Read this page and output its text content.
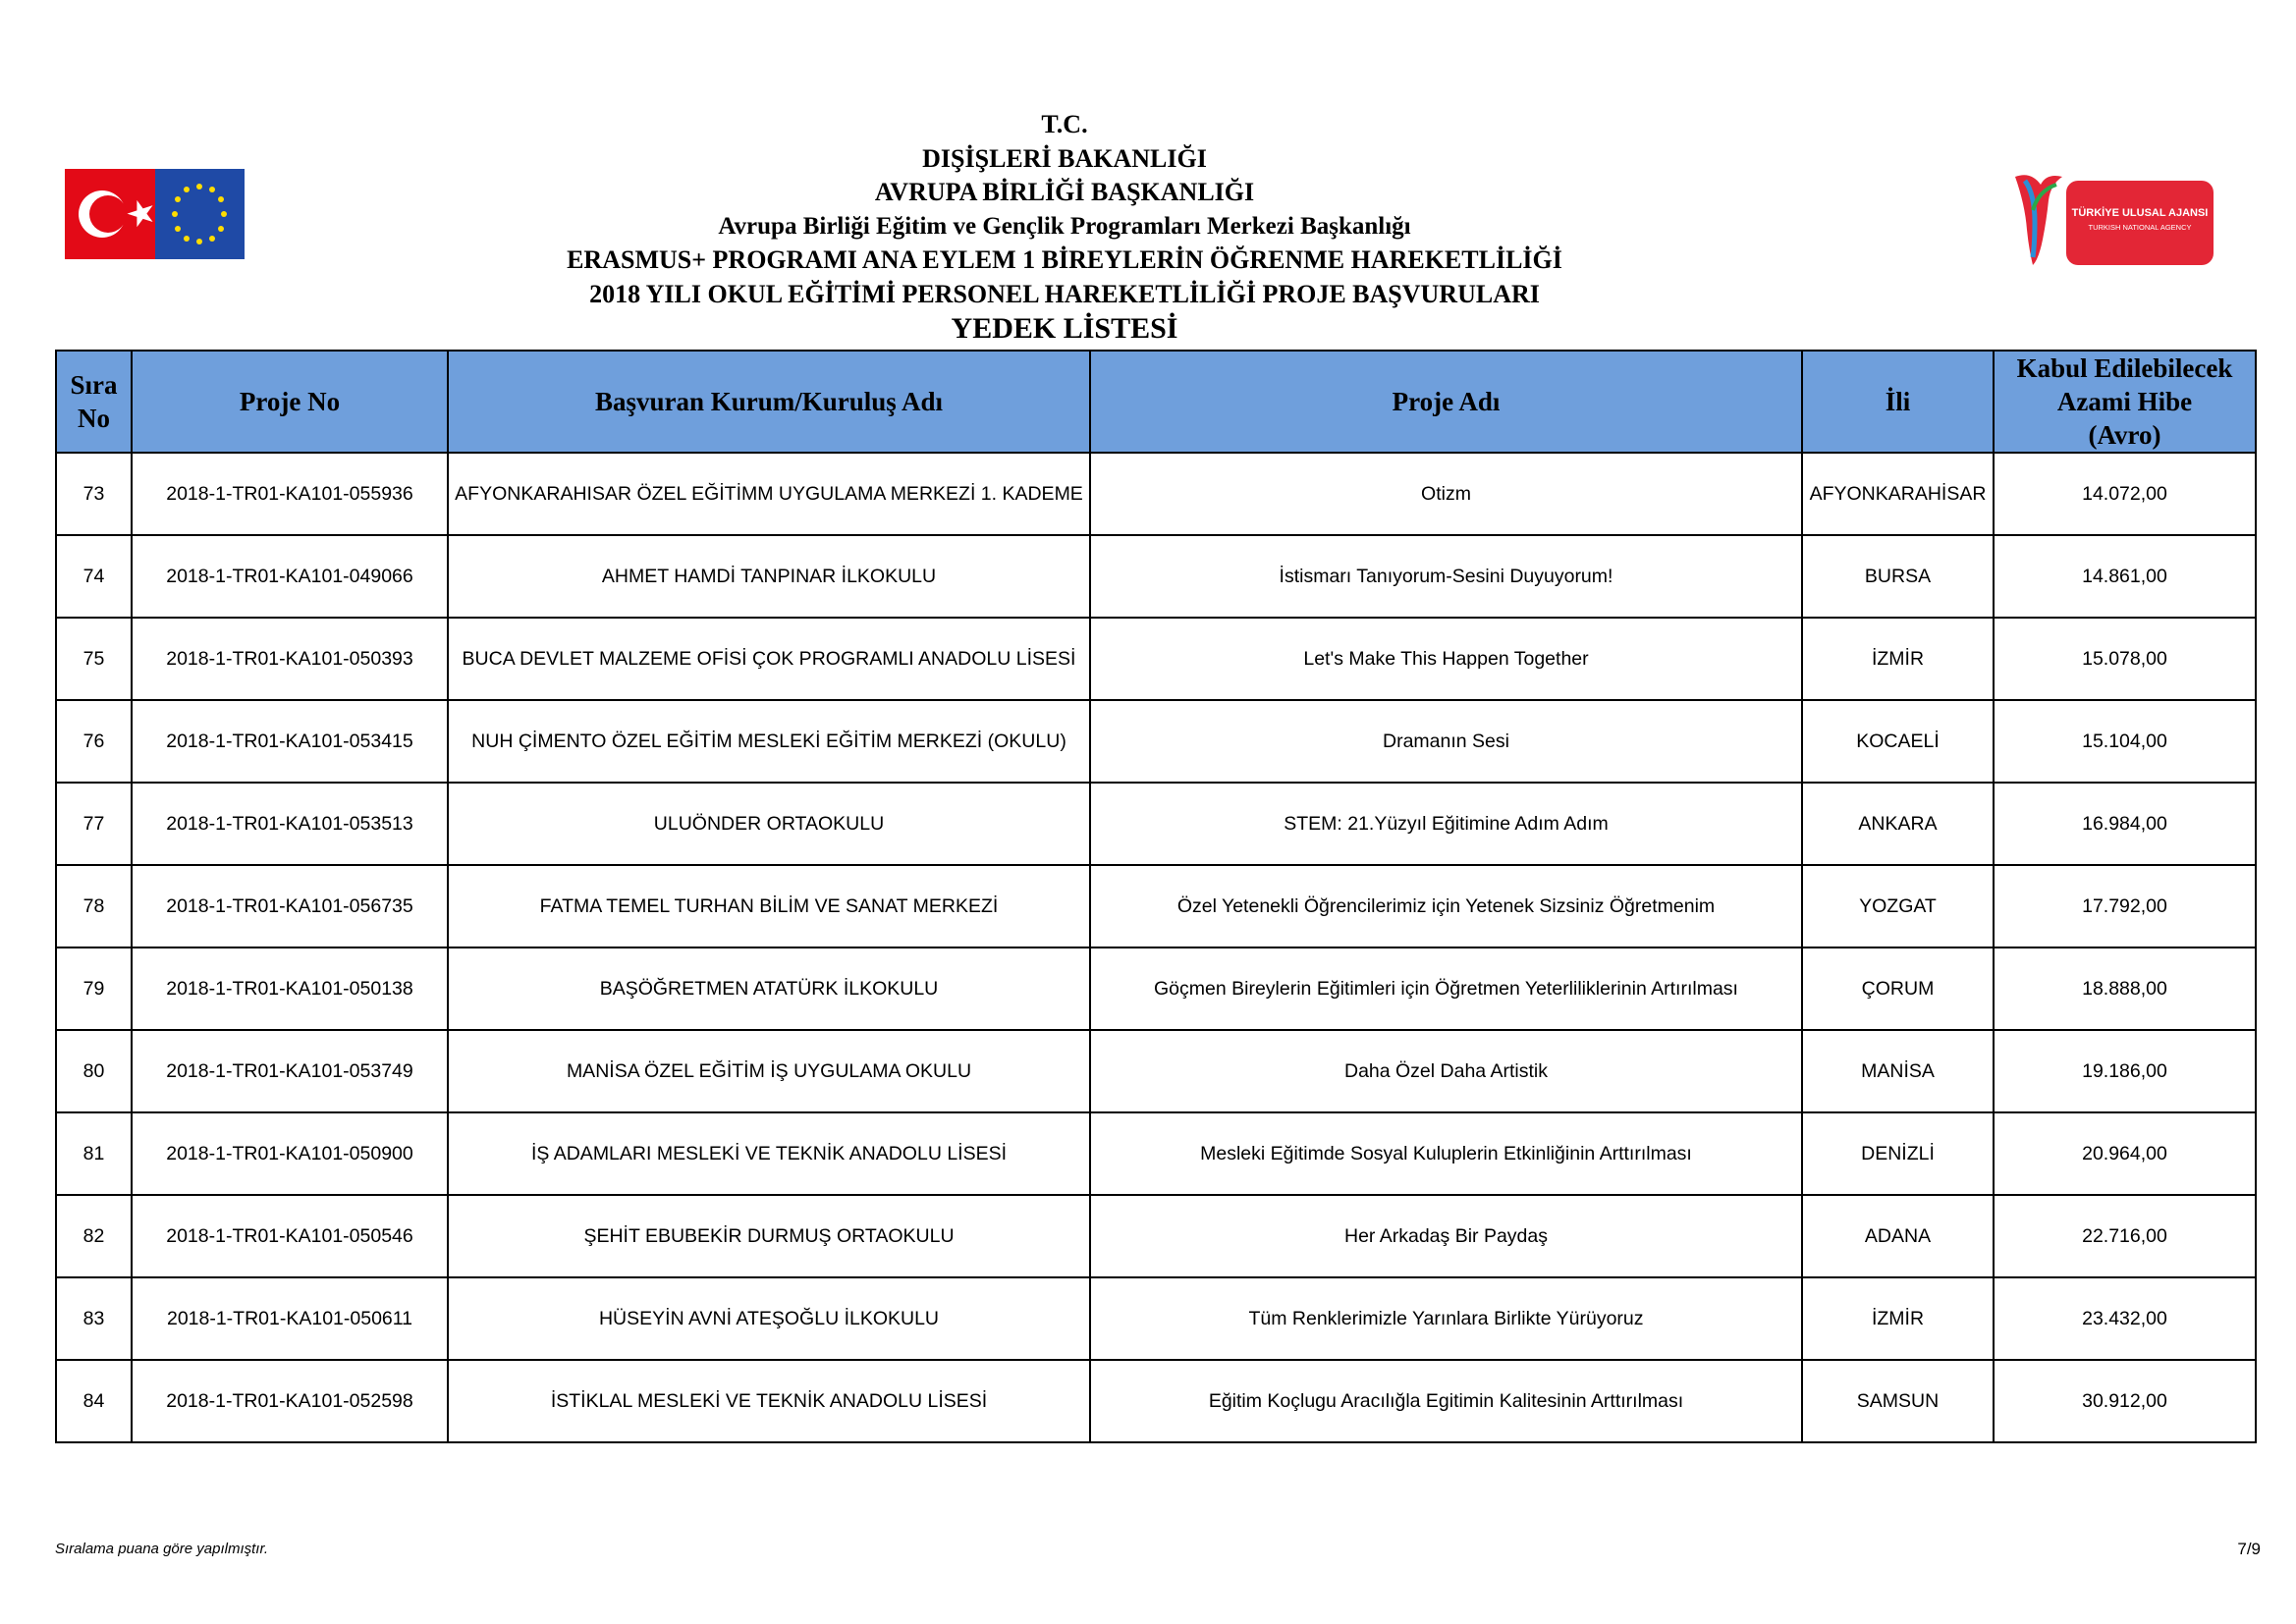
TÜRKİYE ULUSAL AJANSI
TURKISH NATIONAL AGENCY
T.C.
DIŞİŞLERİ BAKANLIĞI
AVRUPA BİRLİĞİ BAŞKANLIĞI
Avrupa Birliği Eğitim ve Gençlik Programları Merkezi Başkanlığı
ERASMUS+ PROGRAMI ANA EYLEM 1 BİREYLERİN ÖĞRENME HAREKETLİLİĞİ
2018 YILI OKUL EĞİTİMİ PERSONEL HAREKETLİLİĞİ PROJE BAŞVURULARI
YEDEK LİSTESİ
Sıra
No	Proje No	Başvuran Kurum/Kuruluş Adı	Proje Adı	İli	Kabul Edilebilecek
Azami Hibe
(Avro)
73	2018-1-TR01-KA101-055936	AFYONKARAHISAR ÖZEL EĞİTİMM UYGULAMA MERKEZİ 1. KADEME	Otizm	AFYONKARAHİSAR	14.072,00
74	2018-1-TR01-KA101-049066	AHMET HAMDİ TANPINAR İLKOKULU	İstismarı Tanıyorum-Sesini Duyuyorum!	BURSA	14.861,00
75	2018-1-TR01-KA101-050393	BUCA DEVLET MALZEME OFİSİ ÇOK PROGRAMLI ANADOLU LİSESİ	Let's Make This Happen Together	İZMİR	15.078,00
76	2018-1-TR01-KA101-053415	NUH ÇİMENTO ÖZEL EĞİTİM MESLEKİ EĞİTİM MERKEZİ (OKULU)	Dramanın Sesi	KOCAELİ	15.104,00
77	2018-1-TR01-KA101-053513	ULUÖNDER ORTAOKULU	STEM: 21.Yüzyıl Eğitimine Adım Adım	ANKARA	16.984,00
78	2018-1-TR01-KA101-056735	FATMA TEMEL TURHAN BİLİM VE SANAT MERKEZİ	Özel Yetenekli Öğrencilerimiz için Yetenek Sizsiniz Öğretmenim	YOZGAT	17.792,00
79	2018-1-TR01-KA101-050138	BAŞÖĞRETMEN ATATÜRK İLKOKULU	Göçmen Bireylerin Eğitimleri için Öğretmen Yeterliliklerinin Artırılması	ÇORUM	18.888,00
80	2018-1-TR01-KA101-053749	MANİSA ÖZEL EĞİTİM İŞ UYGULAMA OKULU	Daha Özel Daha Artistik	MANİSA	19.186,00
81	2018-1-TR01-KA101-050900	İŞ ADAMLARI MESLEKİ VE TEKNİK ANADOLU LİSESİ	Mesleki Eğitimde Sosyal Kuluplerin Etkinliğinin Arttırılması	DENİZLİ	20.964,00
82	2018-1-TR01-KA101-050546	ŞEHİT EBUBEKİR DURMUŞ ORTAOKULU	Her Arkadaş Bir Paydaş	ADANA	22.716,00
83	2018-1-TR01-KA101-050611	HÜSEYİN AVNİ ATEŞOĞLU İLKOKULU	Tüm Renklerimizle Yarınlara Birlikte Yürüyoruz	İZMİR	23.432,00
84	2018-1-TR01-KA101-052598	İSTİKLAL MESLEKİ VE TEKNİK ANADOLU LİSESİ	Eğitim Koçlugu Aracılığla Egitimin Kalitesinin Arttırılması	SAMSUN	30.912,00
Sıralama puana göre yapılmıştır.	7/9
